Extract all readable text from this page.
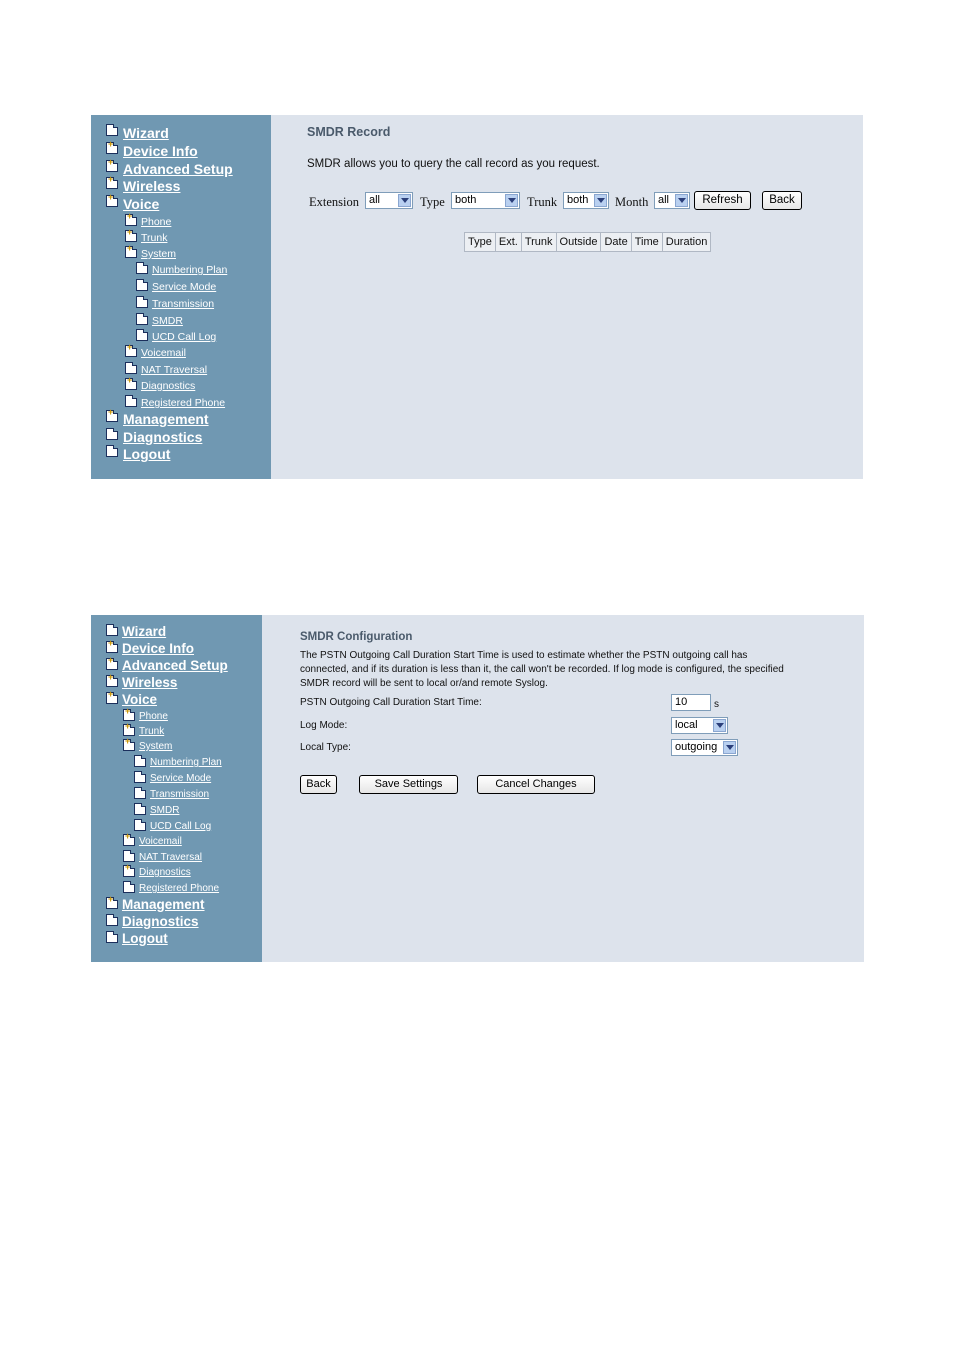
Wizard
+
Device Info
+
Advanced Setup
+
Wireless
+
Voice
+
Phone
+
Trunk
+
System
Numbering Plan
Service Mode
Transmission
SMDR
UCD Call Log
+
Voicemail
NAT Traversal
+
Diagnostics
Registered Phone
+
Management
Diagnostics
Logout
SMDR Record
SMDR allows you to query the call record as you request.
Extension all	Type both	Trunk both	Month all	Refresh	Back
Type	Ext.	Trunk	Outside	Date	Time	Duration
Wizard
+
Device Info
+
Advanced Setup
+
Wireless
+
Voice
+
Phone
+
Trunk
+
System
Numbering Plan
Service Mode
Transmission
SMDR
UCD Call Log
+
Voicemail
NAT Traversal
+
Diagnostics
Registered Phone
+
Management
Diagnostics
Logout
SMDR Configuration
The PSTN Outgoing Call Duration Start Time is used to estimate whether the PSTN outgoing call has
connected, and if its duration is less than it, the call won't be recorded. If log mode is configured, the specified
SMDR record will be sent to local or/and remote Syslog.
PSTN Outgoing Call Duration Start Time:	10	s
Log Mode:	local
Local Type:	outgoing
Back	Save Settings	Cancel Changes
